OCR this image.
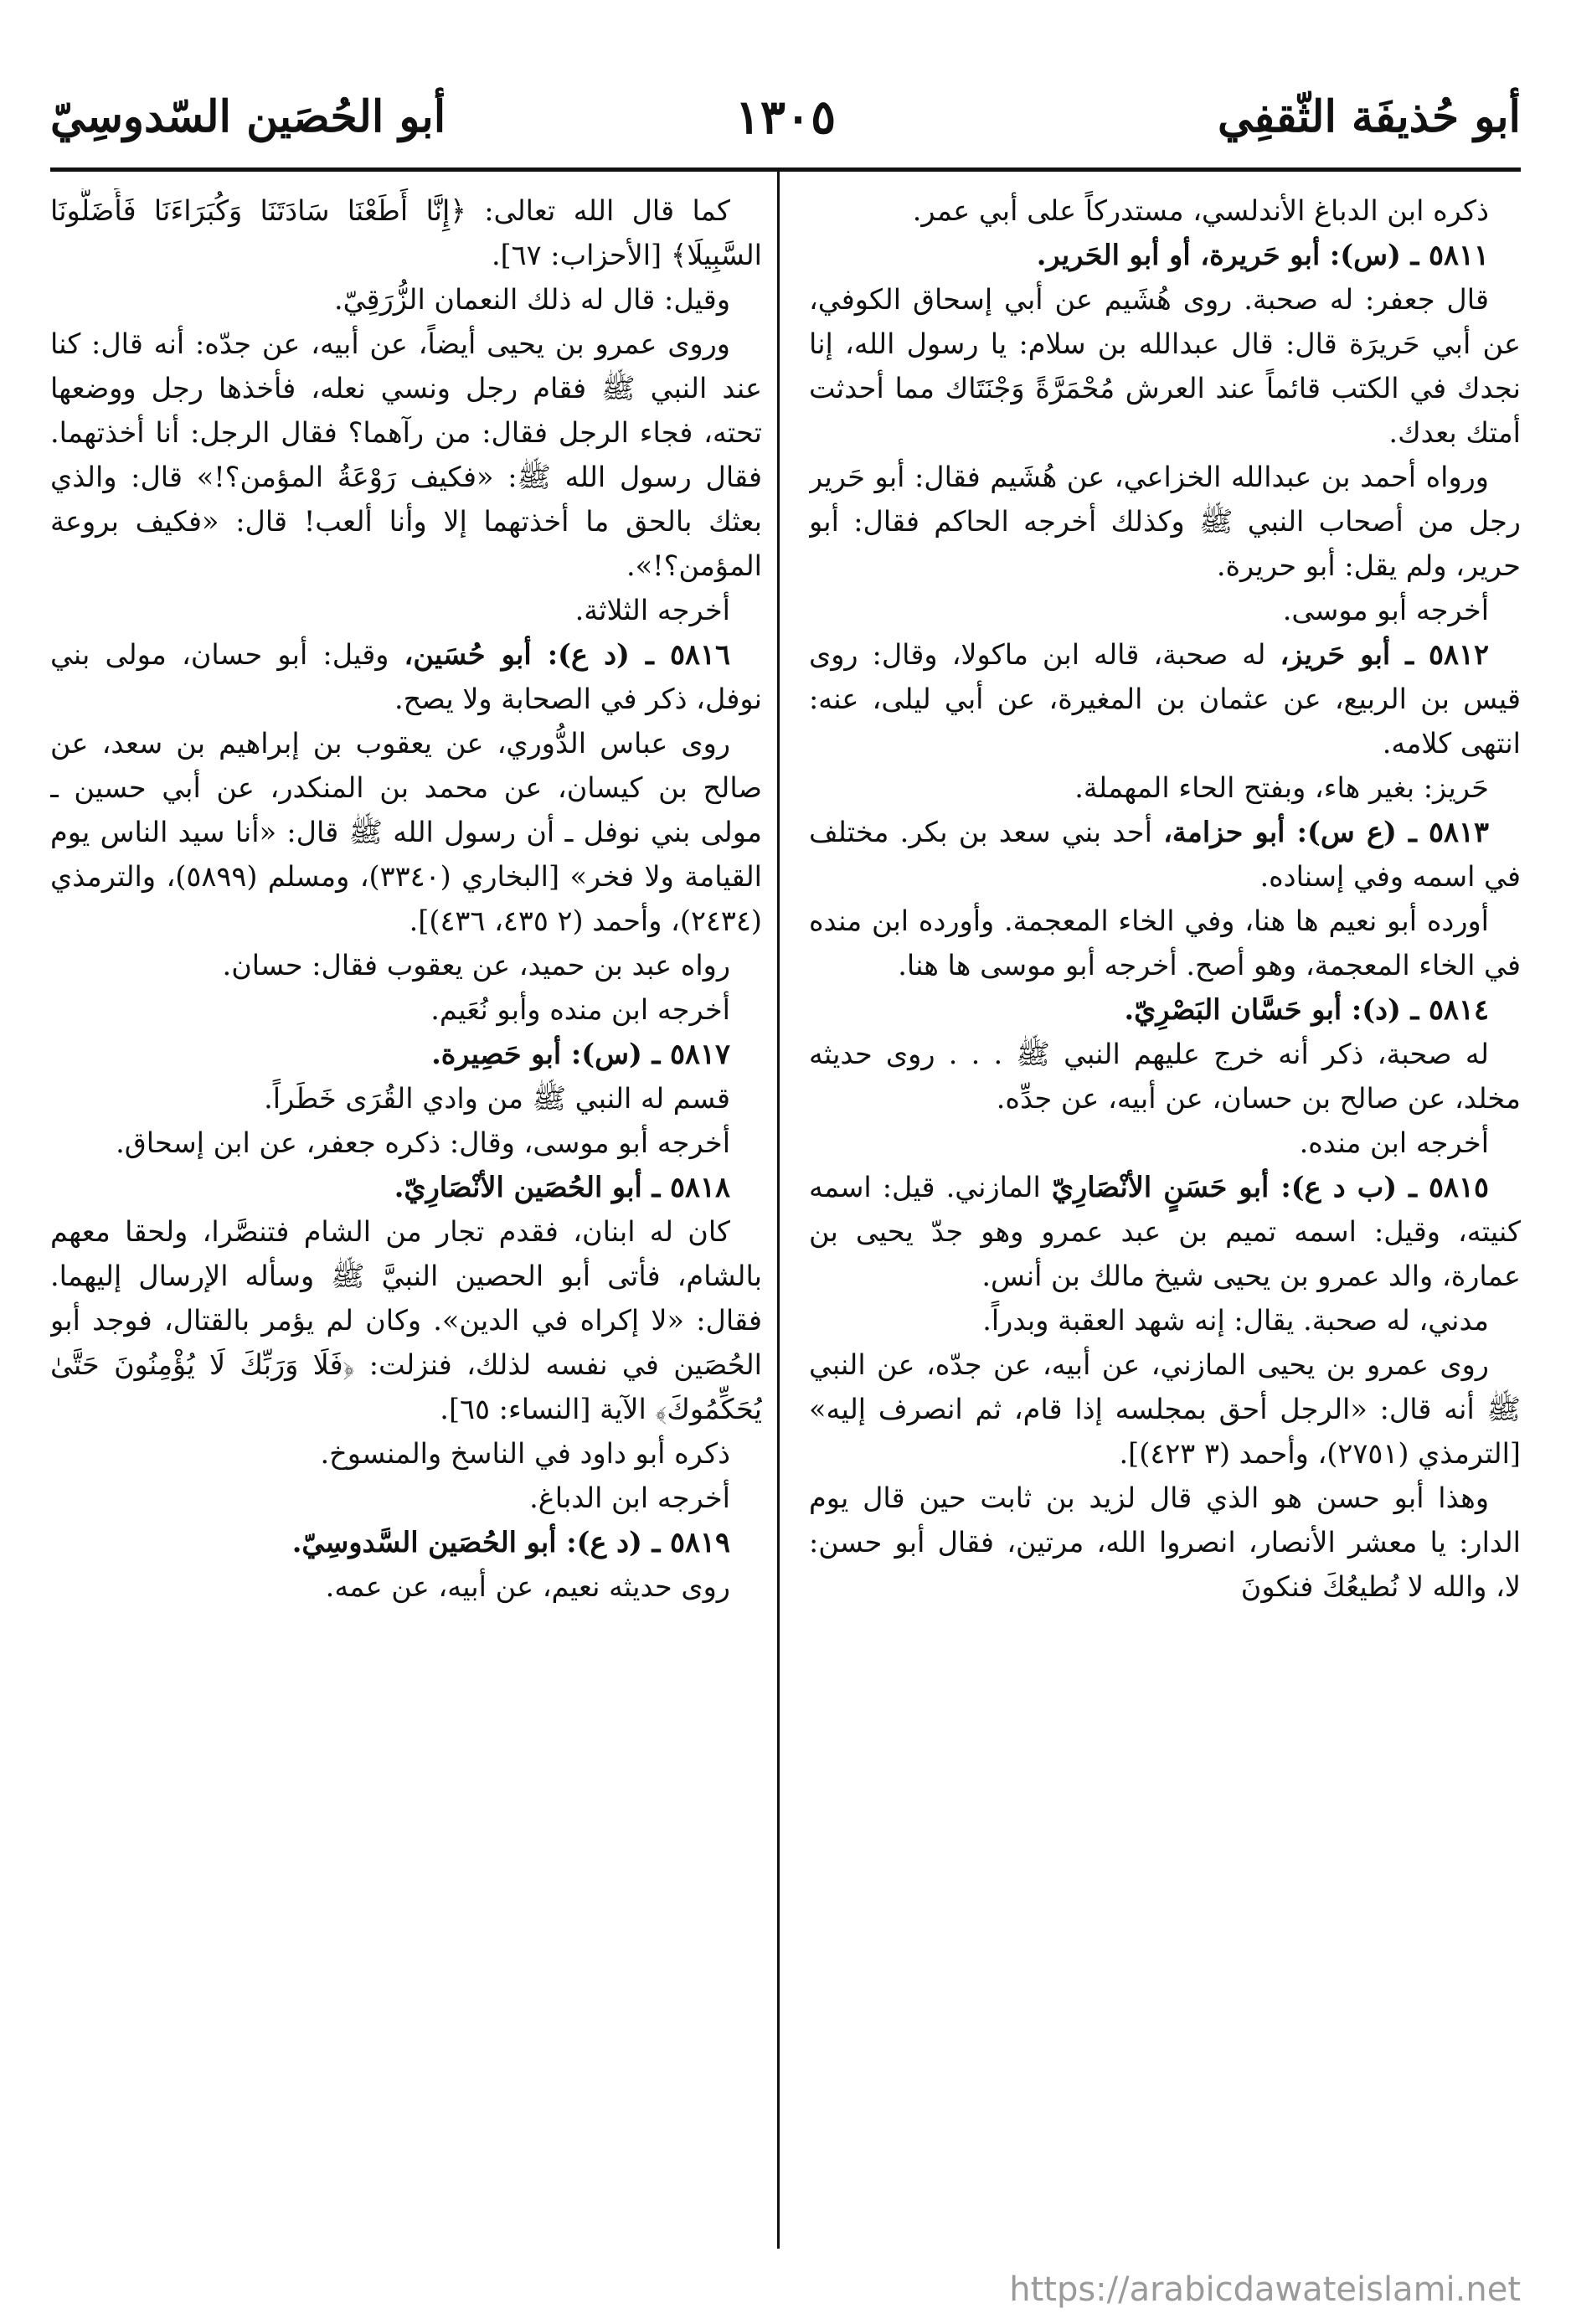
أبو حُذيفَة الثّقفِي
١٣٠٥
أبو الحُصَين السّدوسِيّ

ذكره ابن الدباغ الأندلسي، مستدركاً على أبي عمر.

٥٨١١ ـ (س): أبو حَريرة، أو أبو الحَرير.

قال جعفر: له صحبة. روى هُشَيم عن أبي إسحاق الكوفي، عن أبي حَريرَة قال: قال عبدالله بن سلام: يا رسول الله، إنا نجدك في الكتب قائماً عند العرش مُحْمَرَّةً وَجْنَتَاك مما أحدثت أمتك بعدك.

ورواه أحمد بن عبدالله الخزاعي، عن هُشَيم فقال: أبو حَرير رجل من أصحاب النبي ﷺ وكذلك أخرجه الحاكم فقال: أبو حرير، ولم يقل: أبو حريرة.

أخرجه أبو موسى.

٥٨١٢ ـ أبو حَريز، له صحبة، قاله ابن ماكولا، وقال: روى قيس بن الربيع، عن عثمان بن المغيرة، عن أبي ليلى، عنه: انتهى كلامه.

حَريز: بغير هاء، وبفتح الحاء المهملة.

٥٨١٣ ـ (ع س): أبو حزامة، أحد بني سعد بن بكر. مختلف في اسمه وفي إسناده.

أورده أبو نعيم ها هنا، وفي الخاء المعجمة. وأورده ابن منده في الخاء المعجمة، وهو أصح. أخرجه أبو موسى ها هنا.

٥٨١٤ ـ (د): أبو حَسَّان البَصْرِيّ.

له صحبة، ذكر أنه خرج عليهم النبي ﷺ . . . روى حديثه مخلد، عن صالح بن حسان، عن أبيه، عن جدِّه.

أخرجه ابن منده.

٥٨١٥ ـ (ب د ع): أبو حَسَنٍ الأنْصَارِيّ المازني. قيل: اسمه كنيته، وقيل: اسمه تميم بن عبد عمرو وهو جدّ يحيى بن عمارة، والد عمرو بن يحيى شيخ مالك بن أنس.

مدني، له صحبة. يقال: إنه شهد العقبة وبدراً.

روى عمرو بن يحيى المازني، عن أبيه، عن جدّه، عن النبي ﷺ أنه قال: «الرجل أحق بمجلسه إذا قام، ثم انصرف إليه» [الترمذي (٢٧٥١)، وأحمد (٣ ٤٢٣)].

وهذا أبو حسن هو الذي قال لزيد بن ثابت حين قال يوم الدار: يا معشر الأنصار، انصروا الله، مرتين، فقال أبو حسن: لا، والله لا نُطيعُكَ فنكونَ

كما قال الله تعالى: ﴿إِنَّا أَطَعْنَا سَادَتَنَا وَكُبَرَاءَنَا فَأَضَلُّونَا السَّبِيلَا﴾ [الأحزاب: ٦٧].

وقيل: قال له ذلك النعمان الزُّرَقِيّ.

وروى عمرو بن يحيى أيضاً، عن أبيه، عن جدّه: أنه قال: كنا عند النبي ﷺ فقام رجل ونسي نعله، فأخذها رجل ووضعها تحته، فجاء الرجل فقال: من رآهما؟ فقال الرجل: أنا أخذتهما. فقال رسول الله ﷺ: «فكيف رَوْعَةُ المؤمن؟!» قال: والذي بعثك بالحق ما أخذتهما إلا وأنا ألعب! قال: «فكيف بروعة المؤمن؟!».

أخرجه الثلاثة.

٥٨١٦ ـ (د ع): أبو حُسَين، وقيل: أبو حسان، مولى بني نوفل، ذكر في الصحابة ولا يصح.

روى عباس الدُّوري، عن يعقوب بن إبراهيم بن سعد، عن صالح بن كيسان، عن محمد بن المنكدر، عن أبي حسين ـ مولى بني نوفل ـ أن رسول الله ﷺ قال: «أنا سيد الناس يوم القيامة ولا فخر» [البخاري (٣٣٤٠)، ومسلم (٥٨٩٩)، والترمذي (٢٤٣٤)، وأحمد (٢ ٤٣٥، ٤٣٦)].

رواه عبد بن حميد، عن يعقوب فقال: حسان.

أخرجه ابن منده وأبو نُعَيم.

٥٨١٧ ـ (س): أبو حَصِيرة.

قسم له النبي ﷺ من وادي القُرَى خَطَراً.

أخرجه أبو موسى، وقال: ذكره جعفر، عن ابن إسحاق.

٥٨١٨ ـ أبو الحُصَين الأنْصَارِيّ.

كان له ابنان، فقدم تجار من الشام فتنصَّرا، ولحقا معهم بالشام، فأتى أبو الحصين النبيَّ ﷺ وسأله الإرسال إليهما. فقال: «لا إكراه في الدين». وكان لم يؤمر بالقتال، فوجد أبو الحُصَين في نفسه لذلك، فنزلت: ﴿فَلَا وَرَبِّكَ لَا يُؤْمِنُونَ حَتَّىٰ يُحَكِّمُوكَ﴾ الآية [النساء: ٦٥].

ذكره أبو داود في الناسخ والمنسوخ.

أخرجه ابن الدباغ.

٥٨١٩ ـ (د ع): أبو الحُصَين السَّدوسِيّ.

روى حديثه نعيم، عن أبيه، عن عمه.

https://arabicdawateislami.net
